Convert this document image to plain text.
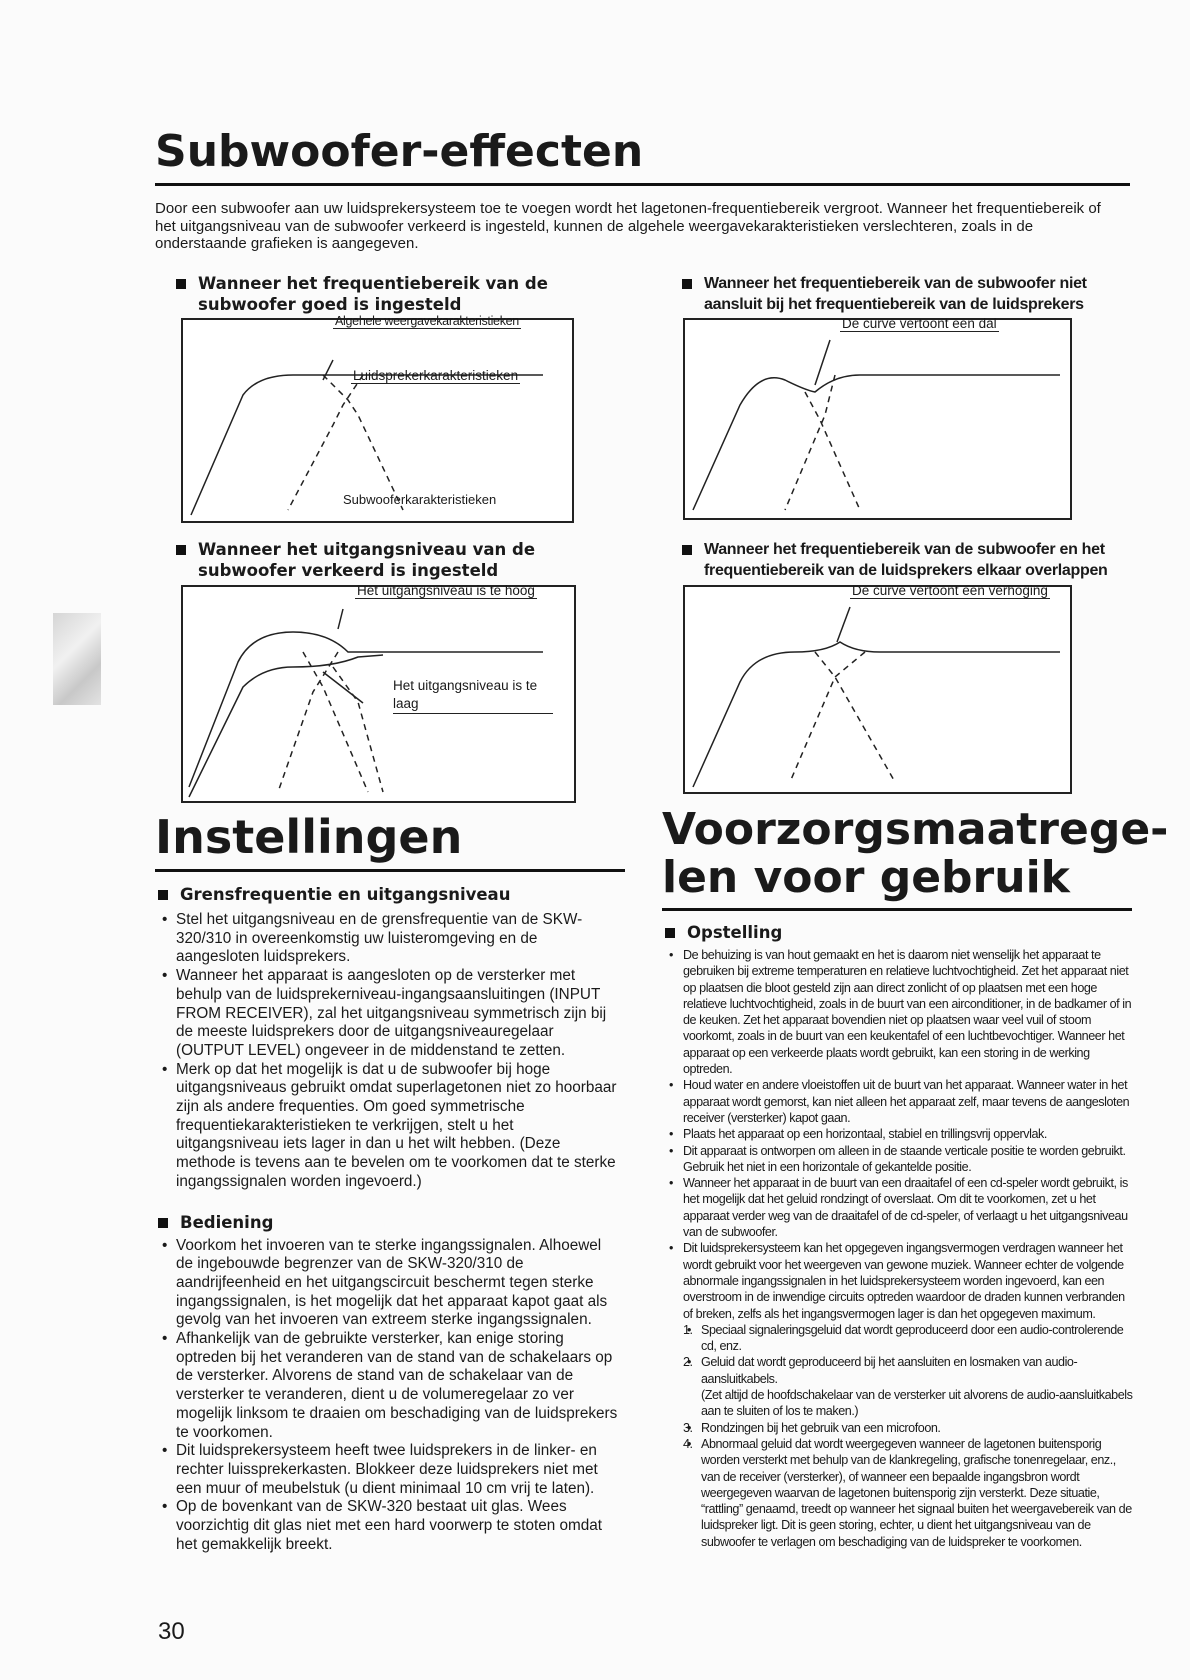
Subwoofer-effecten
Door een subwoofer aan uw luidsprekersysteem toe te voegen wordt het lagetonen-frequentiebereik vergroot. Wanneer het frequentiebereik of het uitgangsniveau van de subwoofer verkeerd is ingesteld, kunnen de algehele weergavekarakteristieken verslechteren, zoals in de onderstaande grafieken is aangegeven.
Wanneer het frequentiebereik van de subwoofer goed is ingesteld
Wanneer het frequentiebereik van de subwoofer niet aansluit bij het frequentiebereik van de luidsprekers
Wanneer het uitgangsniveau van de subwoofer verkeerd is ingesteld
Wanneer het frequentiebereik van de subwoofer en het frequentiebereik van de luidsprekers elkaar overlappen
Algehele weergavekarakteristieken
Luidsprekerkarakteristieken
Subwooferkarakteristieken
De curve vertoont een dal
Het uitgangsniveau is te hoog
Het uitgangsniveau is te laag
De curve vertoont een verhoging
Instellingen
Grensfrequentie en uitgangsniveau
• Stel het uitgangsniveau en de grensfrequentie van de SKW-320/310 in overeenkomstig uw luisteromgeving en de aangesloten luidsprekers.
• Wanneer het apparaat is aangesloten op de versterker met behulp van de luidsprekerniveau-ingangsaansluitingen (INPUT FROM RECEIVER), zal het uitgangsniveau symmetrisch zijn bij de meeste luidsprekers door de uitgangsniveauregelaar (OUTPUT LEVEL) ongeveer in de middenstand te zetten.
• Merk op dat het mogelijk is dat u de subwoofer bij hoge uitgangsniveaus gebruikt omdat superlagetonen niet zo hoorbaar zijn als andere frequenties. Om goed symmetrische frequentiekarakteristieken te verkrijgen, stelt u het uitgangsniveau iets lager in dan u het wilt hebben. (Deze methode is tevens aan te bevelen om te voorkomen dat te sterke ingangssignalen worden ingevoerd.)
Bediening
• Voorkom het invoeren van te sterke ingangssignalen. Alhoewel de ingebouwde begrenzer van de SKW-320/310 de aandrijfeenheid en het uitgangscircuit beschermt tegen sterke ingangssignalen, is het mogelijk dat het apparaat kapot gaat als gevolg van het invoeren van extreem sterke ingangssignalen.
• Afhankelijk van de gebruikte versterker, kan enige storing optreden bij het veranderen van de stand van de schakelaars op de versterker. Alvorens de stand van de schakelaar van de versterker te veranderen, dient u de volumeregelaar zo ver mogelijk linksom te draaien om beschadiging van de luidsprekers te voorkomen.
• Dit luidsprekersysteem heeft twee luidsprekers in de linker- en rechter luissprekerkasten. Blokkeer deze luidsprekers niet met een muur of meubelstuk (u dient minimaal 10 cm vrij te laten).
• Op de bovenkant van de SKW-320 bestaat uit glas. Wees voorzichtig dit glas niet met een hard voorwerp te stoten omdat het gemakkelijk breekt.
Voorzorgsmaatrege-
len voor gebruik
Opstelling
• De behuizing is van hout gemaakt en het is daarom niet wenselijk het apparaat te gebruiken bij extreme temperaturen en relatieve luchtvochtigheid. Zet het apparaat niet op plaatsen die bloot gesteld zijn aan direct zonlicht of op plaatsen met een hoge relatieve luchtvochtigheid, zoals in de buurt van een airconditioner, in de badkamer of in de keuken. Zet het apparaat bovendien niet op plaatsen waar veel vuil of stoom voorkomt, zoals in de buurt van een keukentafel of een luchtbevochtiger. Wanneer het apparaat op een verkeerde plaats wordt gebruikt, kan een storing in de werking optreden.
• Houd water en andere vloeistoffen uit de buurt van het apparaat. Wanneer water in het apparaat wordt gemorst, kan niet alleen het apparaat zelf, maar tevens de aangesloten receiver (versterker) kapot gaan.
• Plaats het apparaat op een horizontaal, stabiel en trillingsvrij oppervlak.
• Dit apparaat is ontworpen om alleen in de staande verticale positie te worden gebruikt. Gebruik het niet in een horizontale of gekantelde positie.
• Wanneer het apparaat in de buurt van een draaitafel of een cd-speler wordt gebruikt, is het mogelijk dat het geluid rondzingt of overslaat. Om dit te voorkomen, zet u het apparaat verder weg van de draaitafel of de cd-speler, of verlaagt u het uitgangsniveau van de subwoofer.
• Dit luidsprekersysteem kan het opgegeven ingangsvermogen verdragen wanneer het wordt gebruikt voor het weergeven van gewone muziek. Wanneer echter de volgende abnormale ingangssignalen in het luidsprekersysteem worden ingevoerd, kan een overstroom in de inwendige circuits optreden waardoor de draden kunnen verbranden of breken, zelfs als het ingangsvermogen lager is dan het opgegeven maximum.
• 1. Speciaal signaleringsgeluid dat wordt geproduceerd door een audio-controlerende cd, enz.
• 2. Geluid dat wordt geproduceerd bij het aansluiten en losmaken van audio-aansluitkabels.
(Zet altijd de hoofdschakelaar van de versterker uit alvorens de audio-aansluitkabels aan te sluiten of los te maken.)
• 3. Rondzingen bij het gebruik van een microfoon.
• 4. Abnormaal geluid dat wordt weergegeven wanneer de lagetonen buitensporig worden versterkt met behulp van de klankregeling, grafische tonenregelaar, enz., van de receiver (versterker), of wanneer een bepaalde ingangsbron wordt weergegeven waarvan de lagetonen buitensporig zijn versterkt. Deze situatie, “rattling” genaamd, treedt op wanneer het signaal buiten het weergavebereik van de luidspreker ligt. Dit is geen storing, echter, u dient het uitgangsniveau van de subwoofer te verlagen om beschadiging van de luidspreker te voorkomen.
30
